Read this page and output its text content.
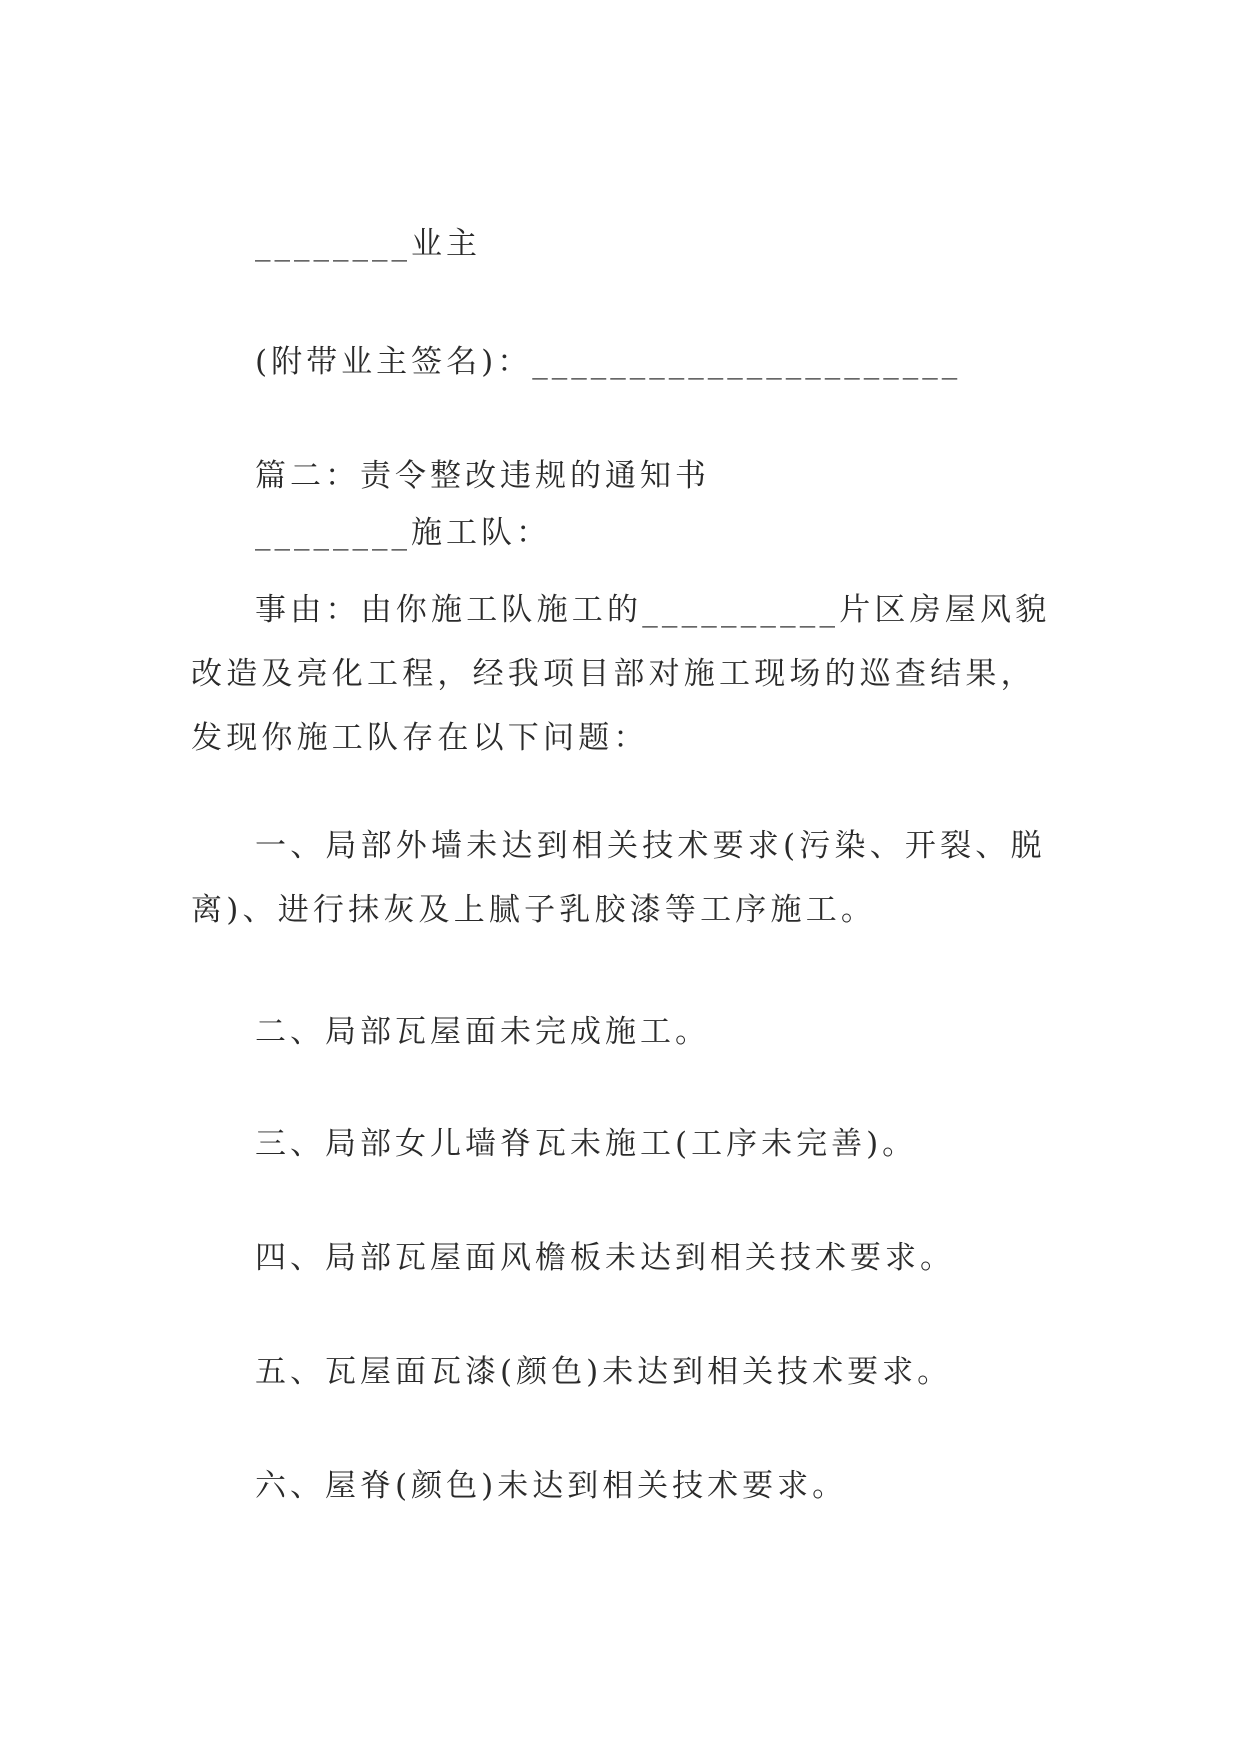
________业主
(附带业主签名)：______________________
篇二：责令整改违规的通知书
________施工队：
事由：由你施工队施工的__________片区房屋风貌改造及亮化工程，经我项目部对施工现场的巡查结果，发现你施工队存在以下问题：
一、局部外墙未达到相关技术要求(污染、开裂、脱离)、进行抹灰及上腻子乳胶漆等工序施工。
二、局部瓦屋面未完成施工。
三、局部女儿墙脊瓦未施工(工序未完善)。
四、局部瓦屋面风檐板未达到相关技术要求。
五、瓦屋面瓦漆(颜色)未达到相关技术要求。
六、屋脊(颜色)未达到相关技术要求。
